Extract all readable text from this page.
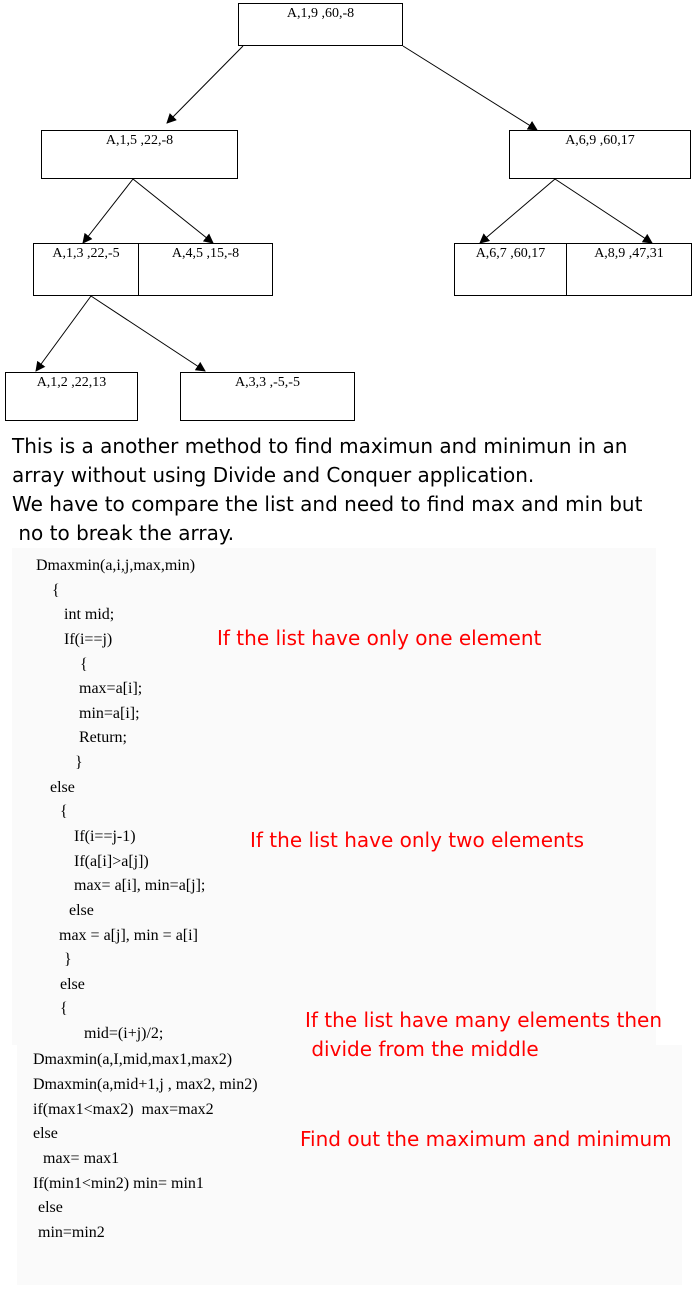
A,1,9 ,60,-8
A,1,5 ,22,-8	A,6,9 ,60,17
A,1,3 ,22,-5	A,4,5 ,15,-8	A,6,7 ,60,17	A,8,9 ,47,31
A,1,2 ,22,13	A,3,3 ,-5,-5
This is a another method to find maximun and minimun in an
array without using Divide and Conquer application.
We have to compare the list and need to find max and min but
no to break the array.
Dmaxmin(a,i,j,max,min)
{
int mid;
If(i==j)
{
max=a[i];
min=a[i];
Return;
}
else
{
If(i==j-1)
If(a[i]>a[j])
max= a[i], min=a[j];
else
max = a[j], min = a[i]
}
else
{
mid=(i+j)/2;
Dmaxmin(a,I,mid,max1,max2)
Dmaxmin(a,mid+1,j , max2, min2)
if(max1<max2)  max=max2
else
max= max1
If(min1<min2) min= min1
else
min=min2
If the list have only one element
If the list have only two elements
If the list have many elements then
divide from the middle
Find out the maximum and minimum
